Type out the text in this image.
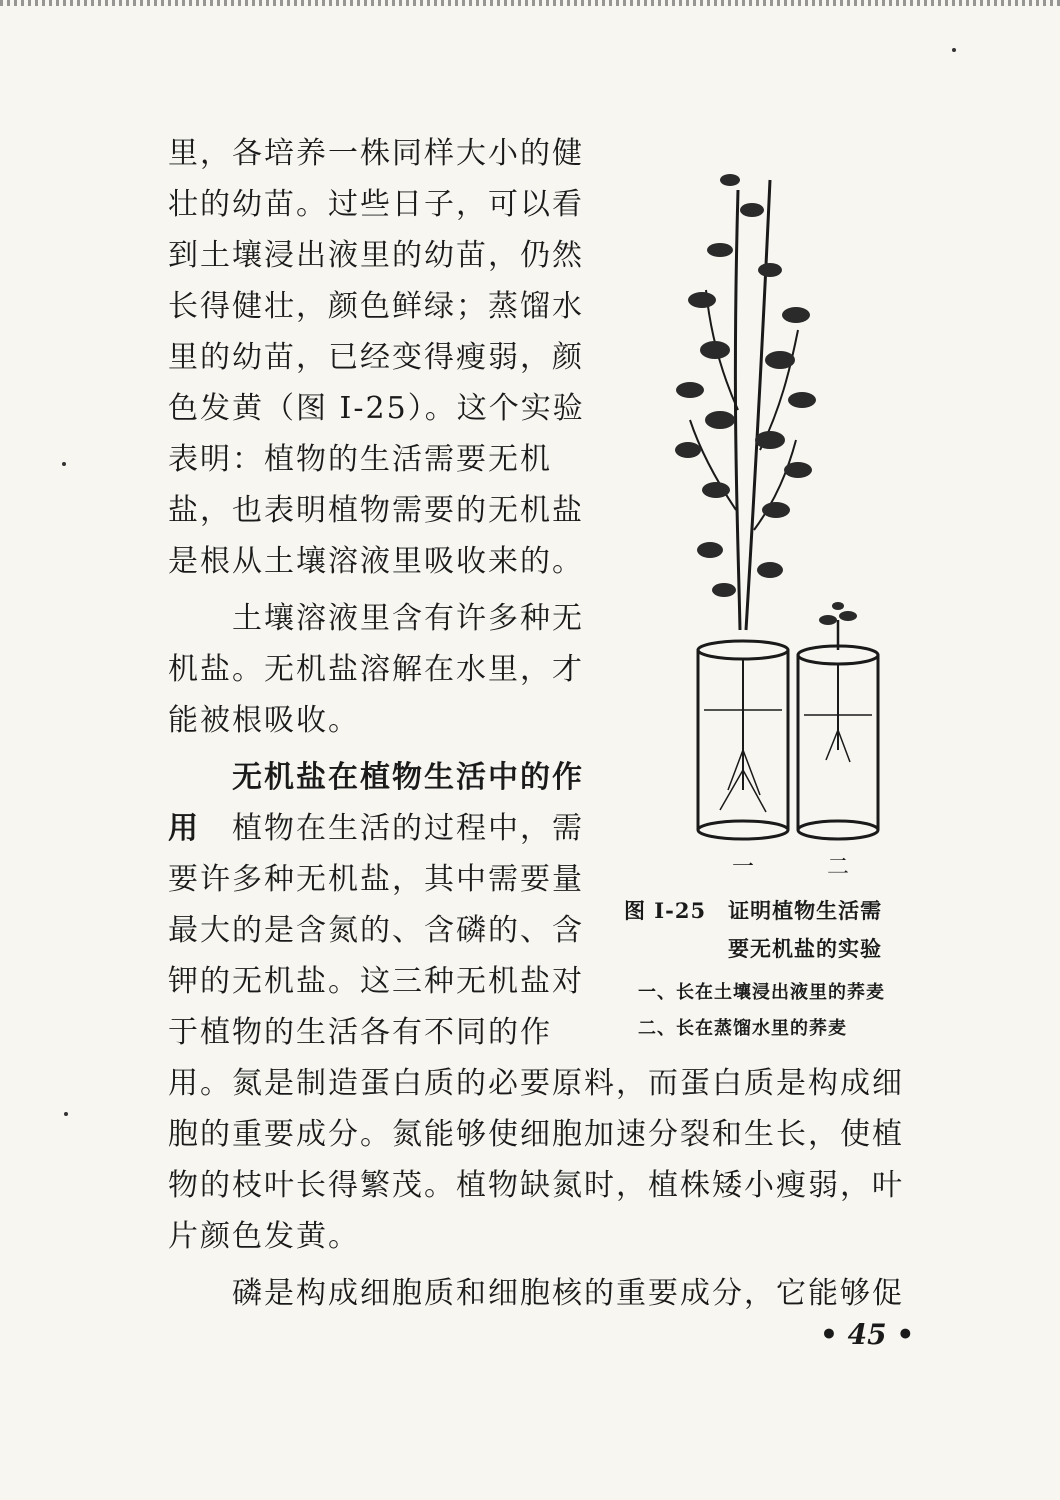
里，各培养一株同样大小的健壮的幼苗。过些日子，可以看到土壤浸出液里的幼苗，仍然长得健壮，颜色鲜绿；蒸馏水里的幼苗，已经变得瘦弱，颜色发黄（图 I-25）。这个实验表明：植物的生活需要无机盐，也表明植物需要的无机盐是根从土壤溶液里吸收来的。

土壤溶液里含有许多种无机盐。无机盐溶解在水里，才能被根吸收。

无机盐在植物生活中的作用　 植物在生活的过程中，需要许多种无机盐，其中需要量最大的是含氮的、含磷的、含钾的无机盐。这三种无机盐对于植物的生活各有不同的作用。

一	二
图 I-25　证明植物生活需
要无机盐的实验
一、长在土壤浸出液里的荞麦
二、长在蒸馏水里的荞麦

氮是制造蛋白质的必要原料，而蛋白质是构成细胞的重要成分。氮能够使细胞加速分裂和生长，使植物的枝叶长得繁茂。植物缺氮时，植株矮小瘦弱，叶片颜色发黄。

磷是构成细胞质和细胞核的重要成分，它能够促

• 45 •
